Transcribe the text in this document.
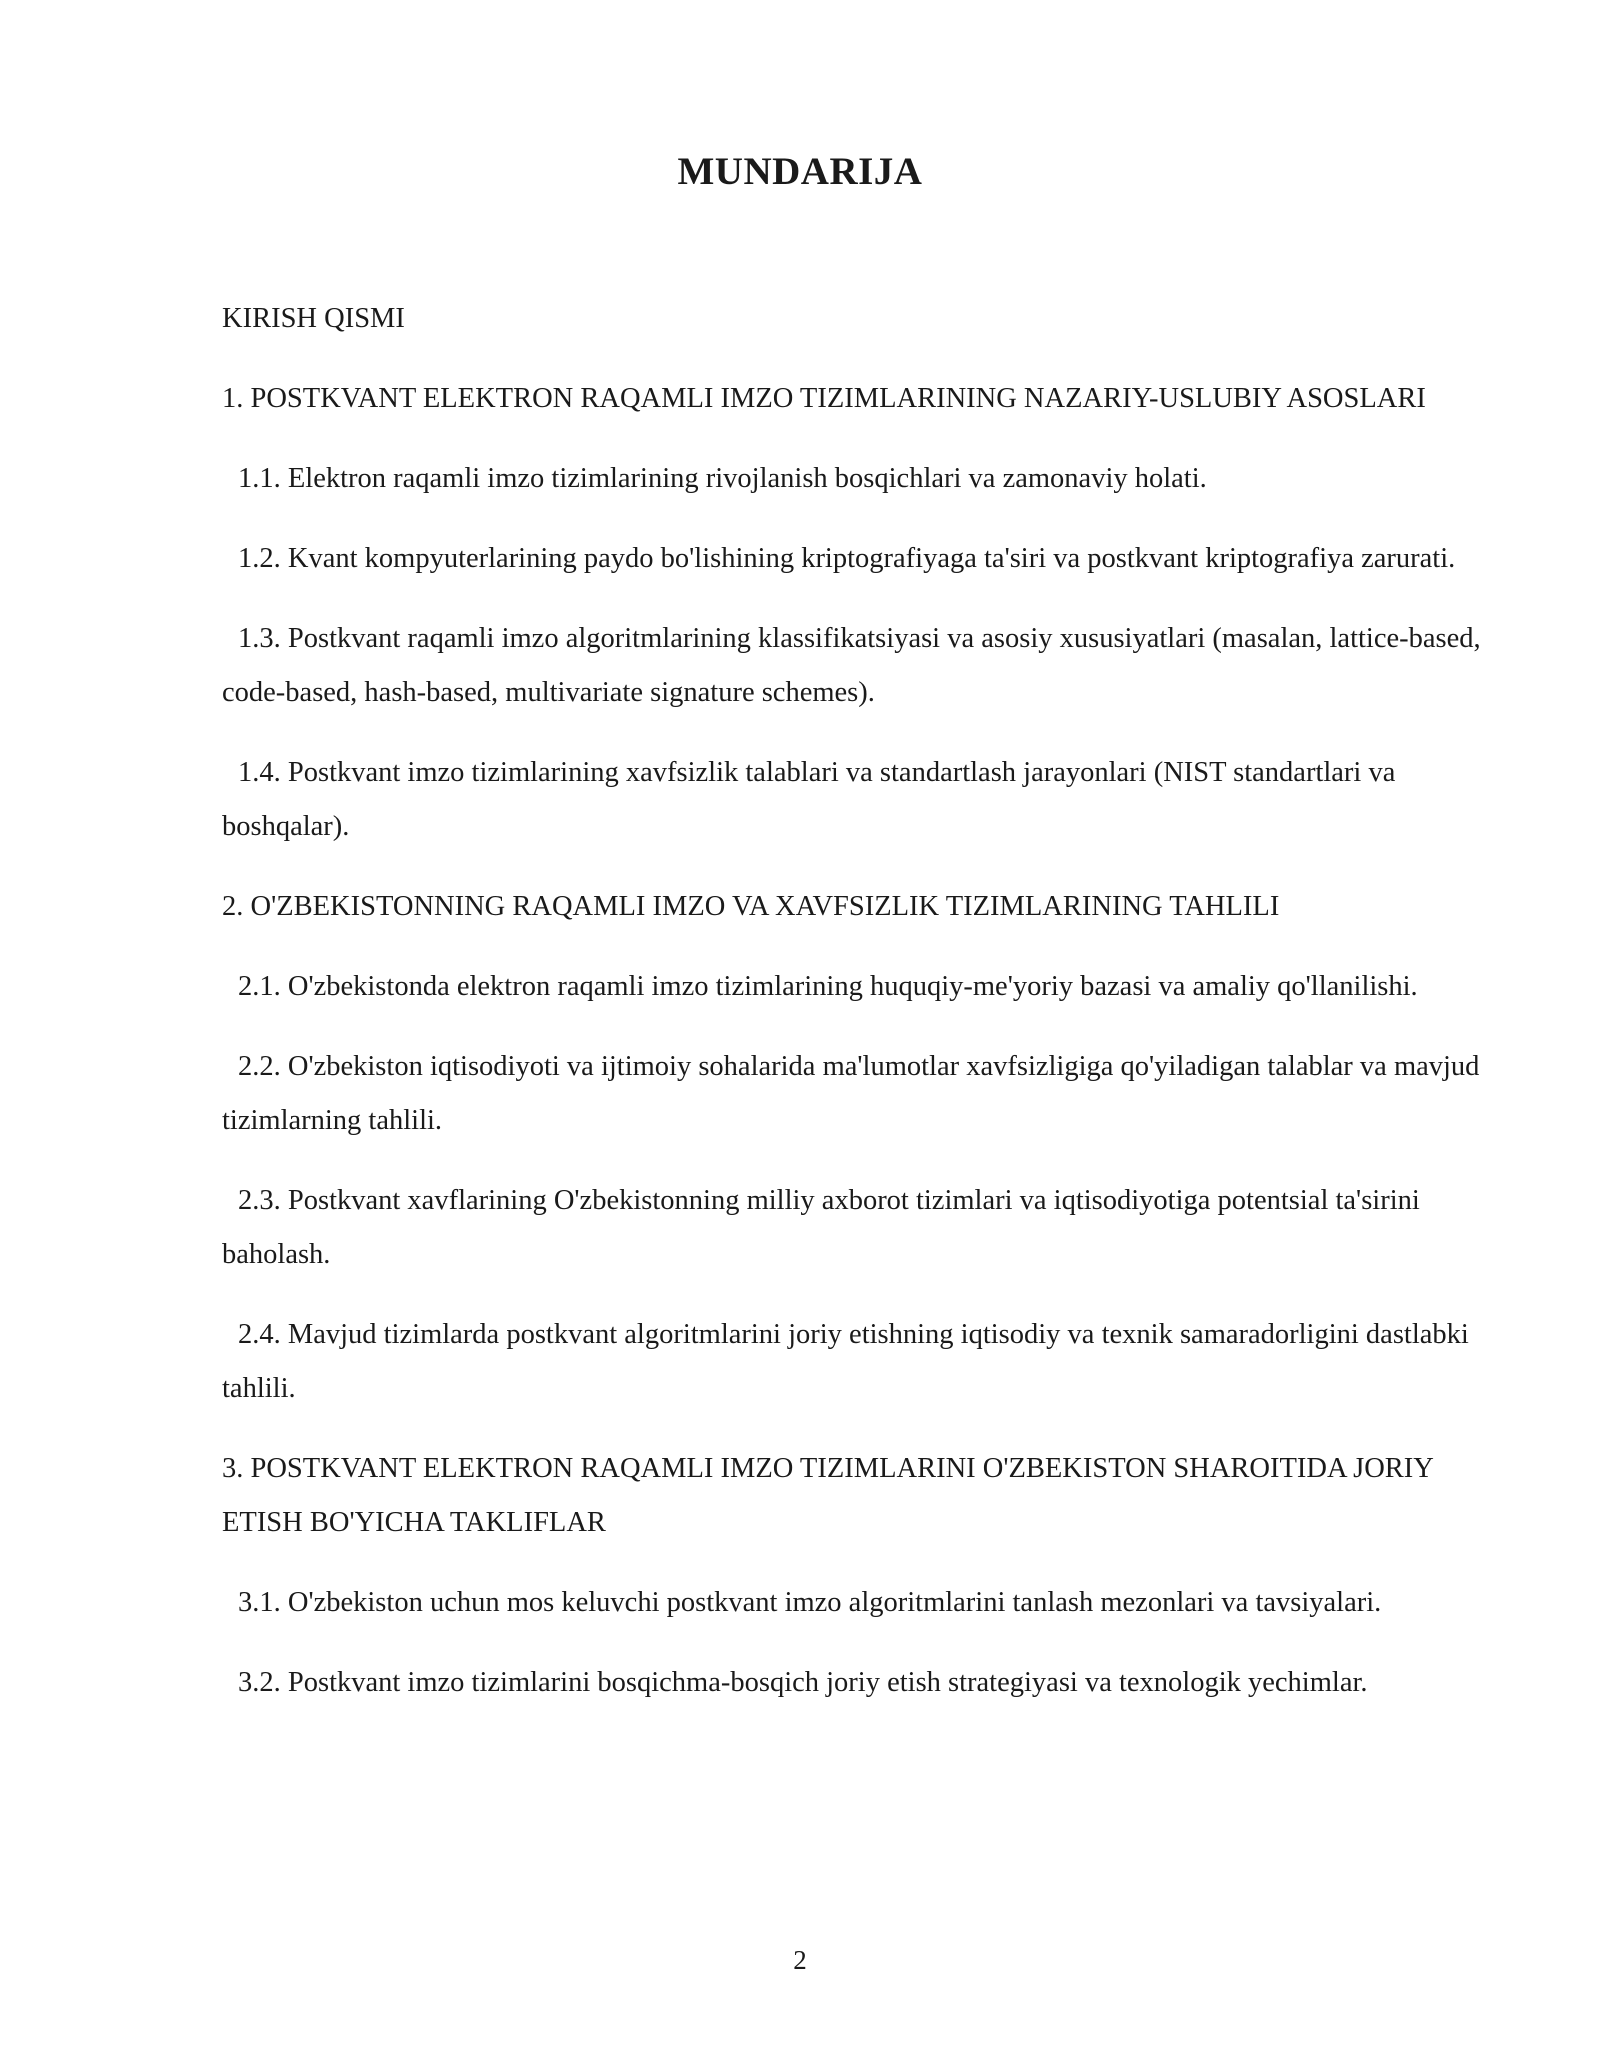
MUNDARIJA
KIRISH QISMI
1. POSTKVANT ELEKTRON RAQAMLI IMZO TIZIMLARINING NAZARIY-USLUBIY ASOSLARI
1.1. Elektron raqamli imzo tizimlarining rivojlanish bosqichlari va zamonaviy holati.
1.2. Kvant kompyuterlarining paydo bo'lishining kriptografiyaga ta'siri va postkvant kriptografiya zarurati.
1.3. Postkvant raqamli imzo algoritmlarining klassifikatsiyasi va asosiy xususiyatlari (masalan, lattice-based, code-based, hash-based, multivariate signature schemes).
1.4. Postkvant imzo tizimlarining xavfsizlik talablari va standartlash jarayonlari (NIST standartlari va boshqalar).
2. O'ZBEKISTONNING RAQAMLI IMZO VA XAVFSIZLIK TIZIMLARINING TAHLILI
2.1. O'zbekistonda elektron raqamli imzo tizimlarining huquqiy-me'yoriy bazasi va amaliy qo'llanilishi.
2.2. O'zbekiston iqtisodiyoti va ijtimoiy sohalarida ma'lumotlar xavfsizligiga qo'yiladigan talablar va mavjud tizimlarning tahlili.
2.3. Postkvant xavflarining O'zbekistonning milliy axborot tizimlari va iqtisodiyotiga potentsial ta'sirini baholash.
2.4. Mavjud tizimlarda postkvant algoritmlarini joriy etishning iqtisodiy va texnik samaradorligini dastlabki tahlili.
3. POSTKVANT ELEKTRON RAQAMLI IMZO TIZIMLARINI O'ZBEKISTON SHAROITIDA JORIY ETISH BO'YICHA TAKLIFLAR
3.1. O'zbekiston uchun mos keluvchi postkvant imzo algoritmlarini tanlash mezonlari va tavsiyalari.
3.2. Postkvant imzo tizimlarini bosqichma-bosqich joriy etish strategiyasi va texnologik yechimlar.
2
